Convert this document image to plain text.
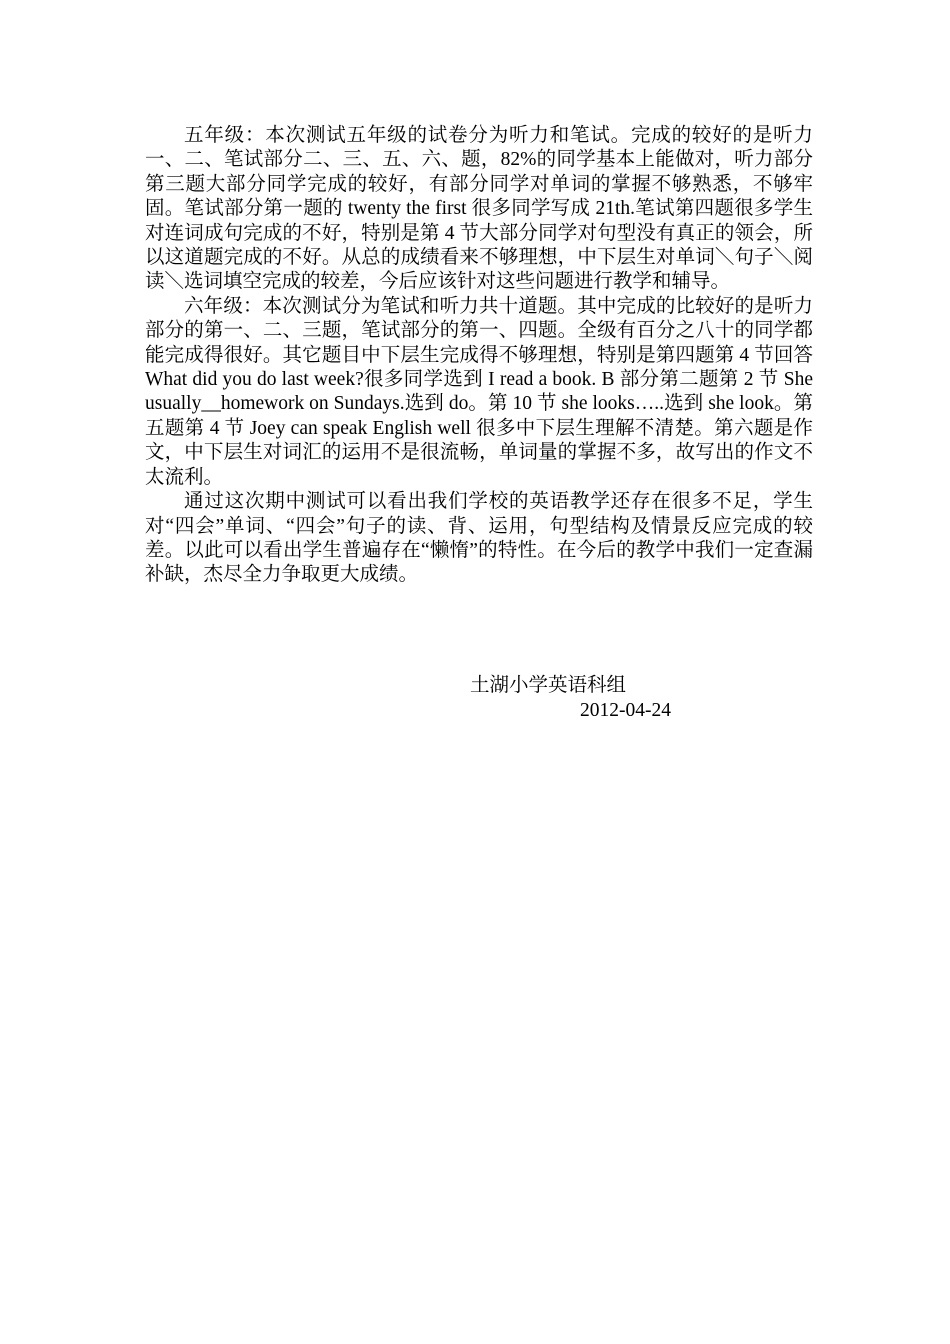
五年级：本次测试五年级的试卷分为听力和笔试。完成的较好的是听力一、二、笔试部分二、三、五、六、题，82%的同学基本上能做对，听力部分第三题大部分同学完成的较好，有部分同学对单词的掌握不够熟悉，不够牢固。笔试部分第一题的 twenty the first 很多同学写成 21th.笔试第四题很多学生对连词成句完成的不好，特别是第 4 节大部分同学对句型没有真正的领会，所以这道题完成的不好。从总的成绩看来不够理想，中下层生对单词＼句子＼阅读＼选词填空完成的较差，今后应该针对这些问题进行教学和辅导。

六年级：本次测试分为笔试和听力共十道题。其中完成的比较好的是听力部分的第一、二、三题，笔试部分的第一、四题。全级有百分之八十的同学都能完成得很好。其它题目中下层生完成得不够理想，特别是第四题第 4 节回答 What did you do last week?很多同学选到 I read a book. B 部分第二题第 2 节 She usually__homework on Sundays.选到 do。第 10 节 she looks…..选到 she look。第五题第 4 节 Joey can speak English well 很多中下层生理解不清楚。第六题是作文，中下层生对词汇的运用不是很流畅，单词量的掌握不多，故写出的作文不太流利。

通过这次期中测试可以看出我们学校的英语教学还存在很多不足，学生对“四会”单词、“四会”句子的读、背、运用，句型结构及情景反应完成的较差。以此可以看出学生普遍存在“懒惰”的特性。在今后的教学中我们一定查漏补缺，杰尽全力争取更大成绩。

土湖小学英语科组
2012-04-24
